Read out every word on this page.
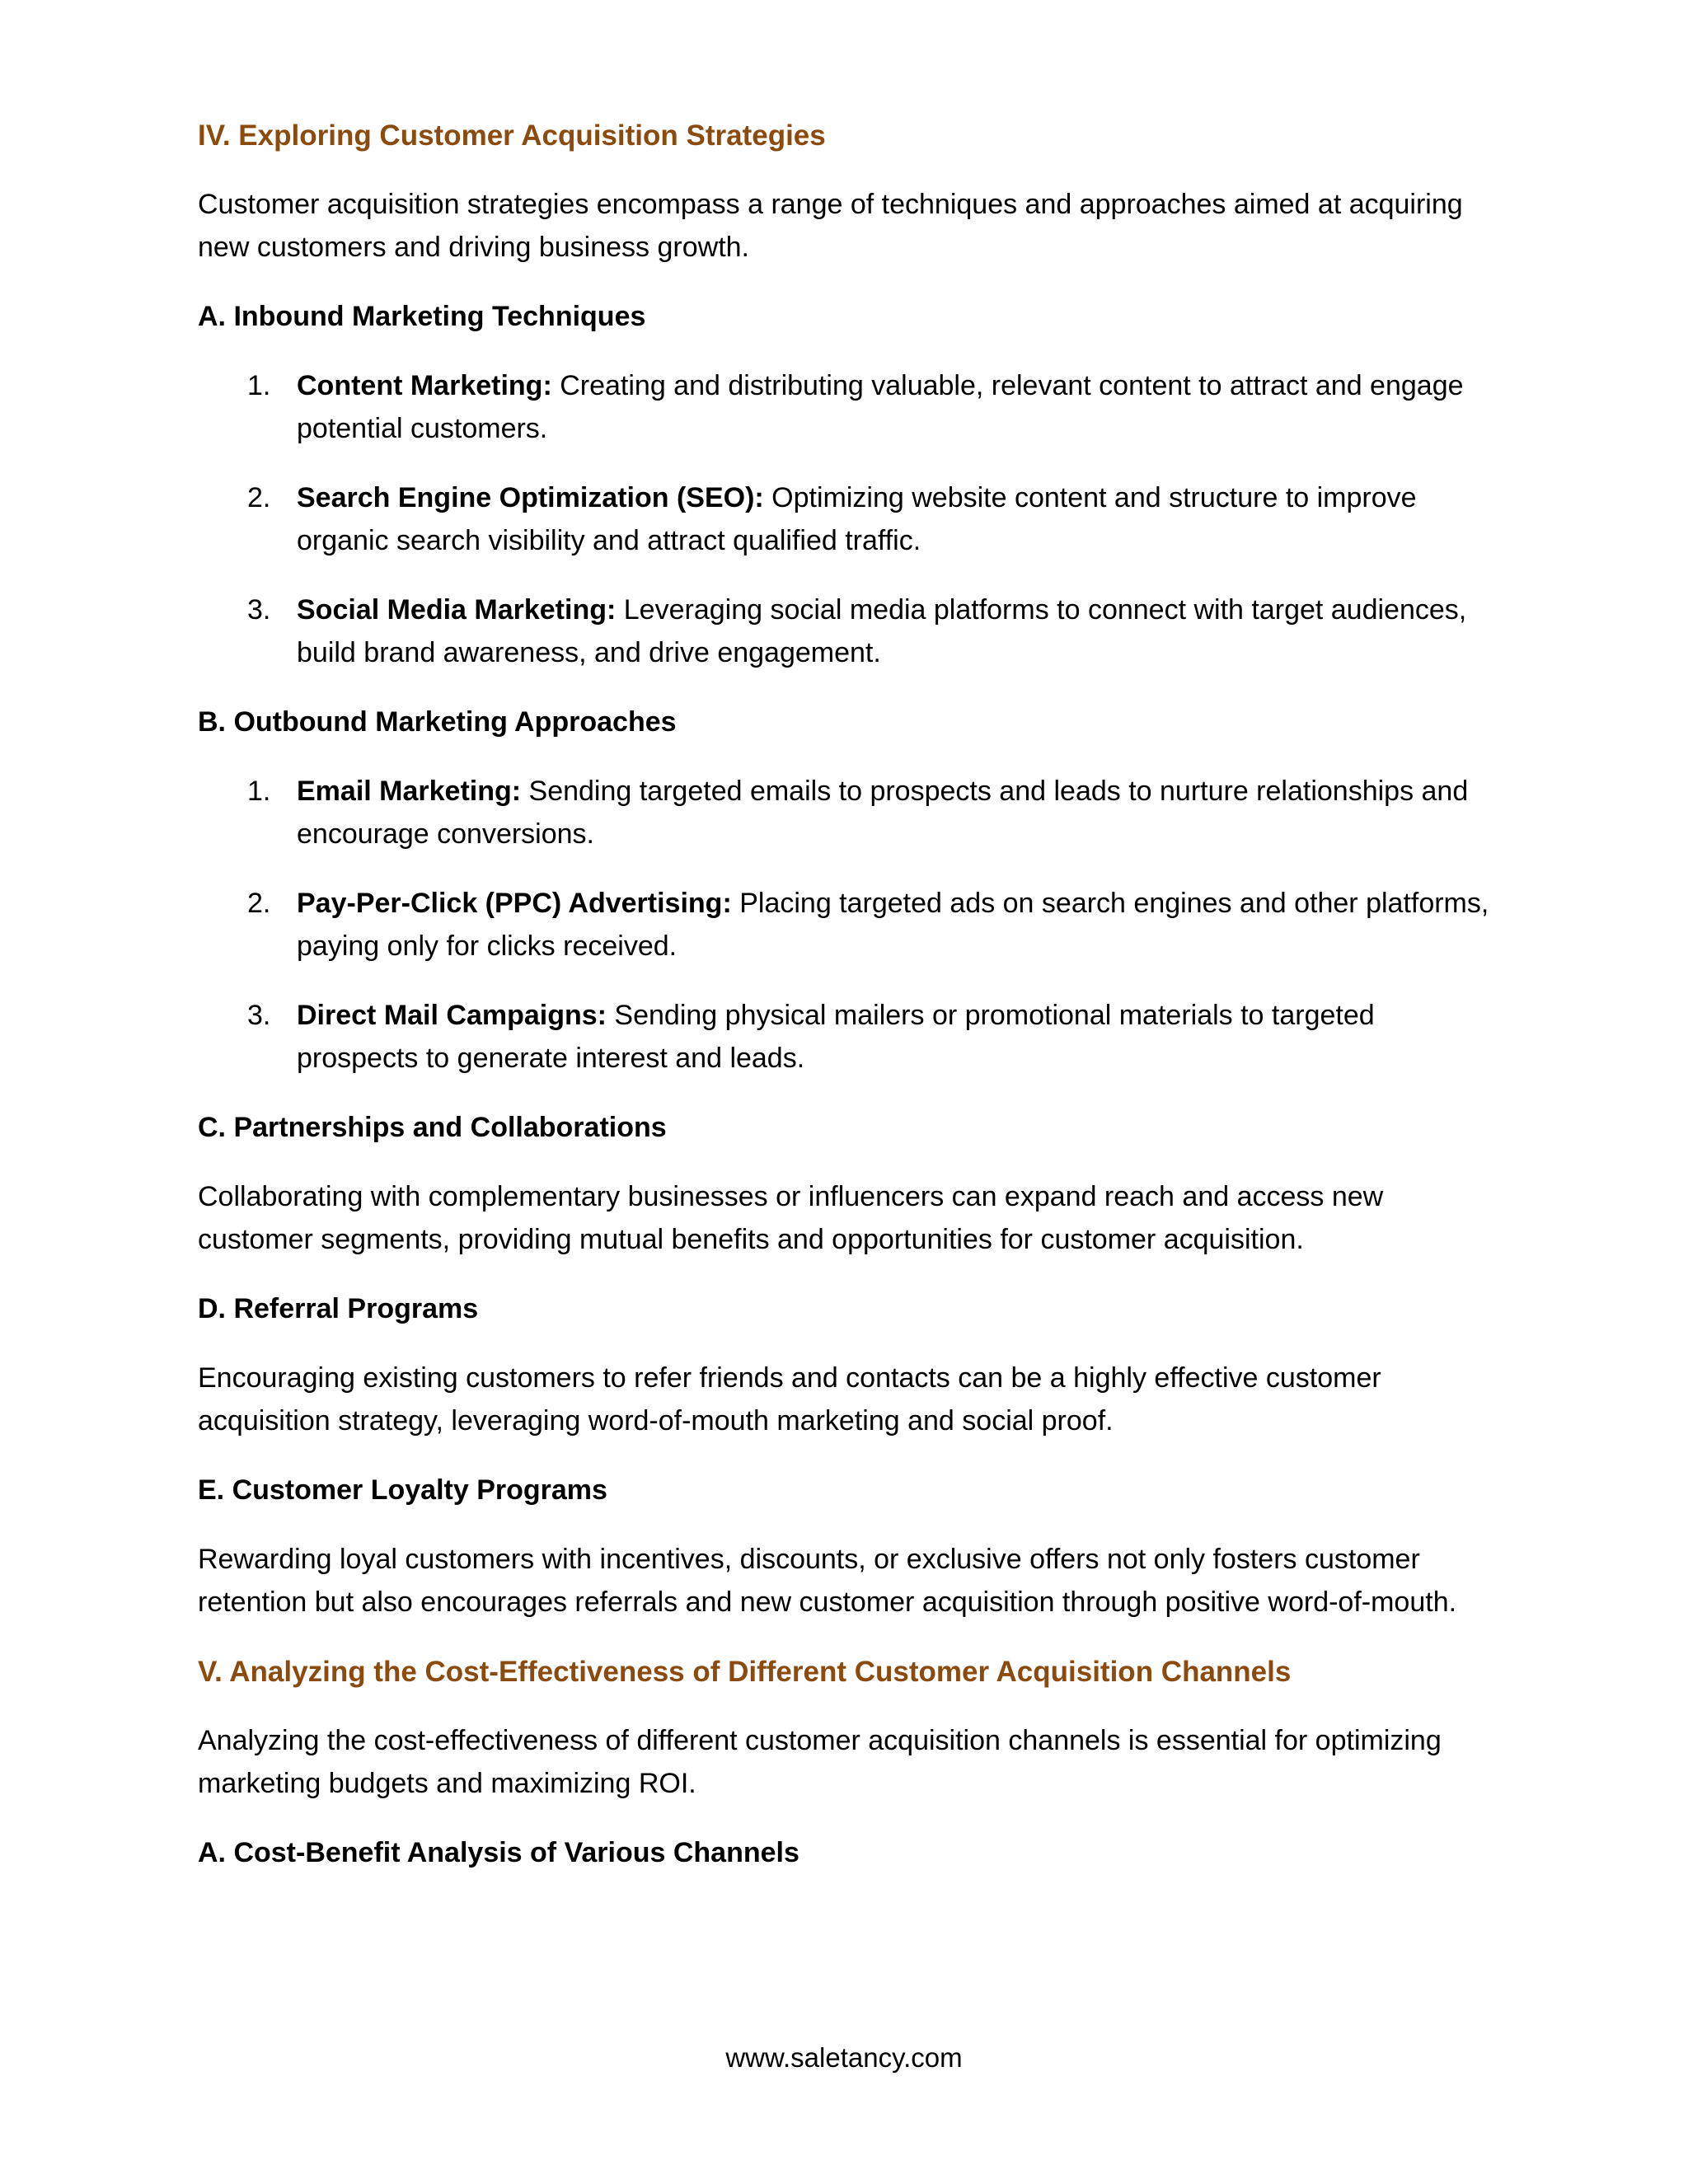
IV. Exploring Customer Acquisition Strategies

Customer acquisition strategies encompass a range of techniques and approaches aimed at acquiring new customers and driving business growth.

A. Inbound Marketing Techniques
1. Content Marketing: Creating and distributing valuable, relevant content to attract and engage potential customers.
2. Search Engine Optimization (SEO): Optimizing website content and structure to improve organic search visibility and attract qualified traffic.
3. Social Media Marketing: Leveraging social media platforms to connect with target audiences, build brand awareness, and drive engagement.
B. Outbound Marketing Approaches
1. Email Marketing: Sending targeted emails to prospects and leads to nurture relationships and encourage conversions.
2. Pay-Per-Click (PPC) Advertising: Placing targeted ads on search engines and other platforms, paying only for clicks received.
3. Direct Mail Campaigns: Sending physical mailers or promotional materials to targeted prospects to generate interest and leads.
C. Partnerships and Collaborations

Collaborating with complementary businesses or influencers can expand reach and access new customer segments, providing mutual benefits and opportunities for customer acquisition.

D. Referral Programs

Encouraging existing customers to refer friends and contacts can be a highly effective customer acquisition strategy, leveraging word-of-mouth marketing and social proof.

E. Customer Loyalty Programs

Rewarding loyal customers with incentives, discounts, or exclusive offers not only fosters customer retention but also encourages referrals and new customer acquisition through positive word-of-mouth.

V. Analyzing the Cost-Effectiveness of Different Customer Acquisition Channels

Analyzing the cost-effectiveness of different customer acquisition channels is essential for optimizing marketing budgets and maximizing ROI.

A. Cost-Benefit Analysis of Various Channels
www.saletancy.com
